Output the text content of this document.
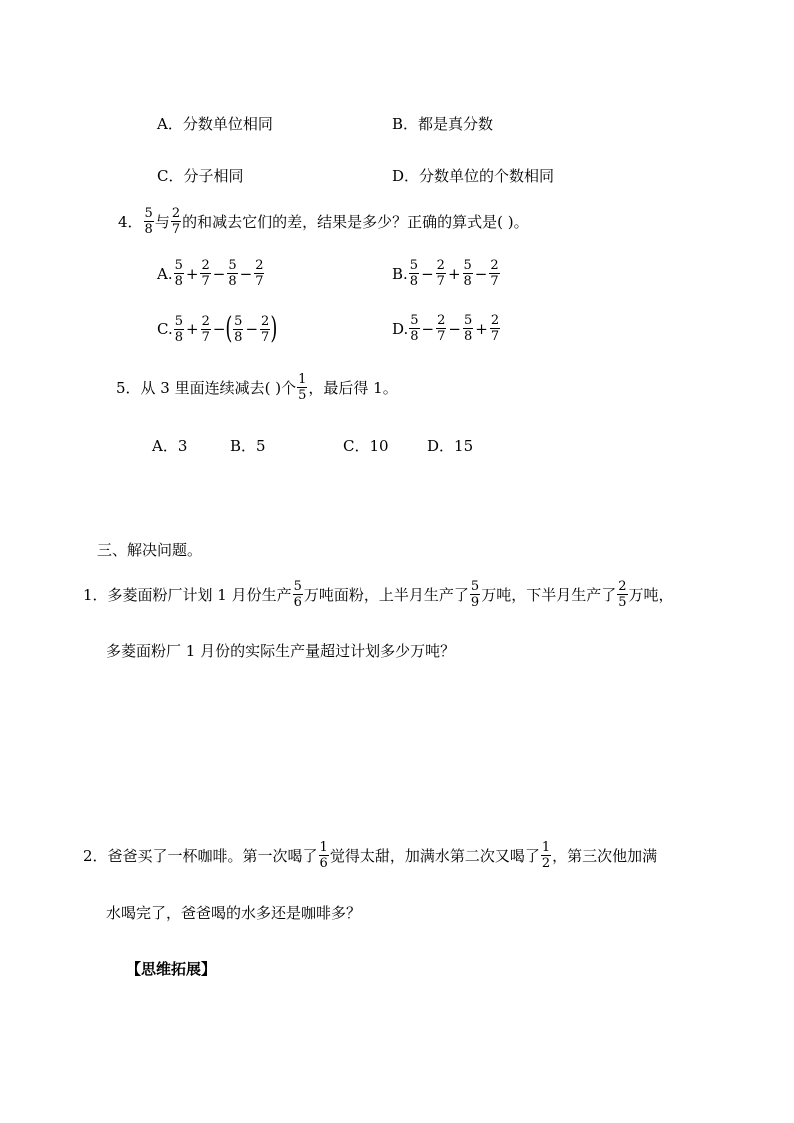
A．分数单位相同	B．都是真分数
C．分子相同	D．分数单位的个数相同
4． $\frac{5}{8}$ 与 $\frac{2}{7}$ 的和减去它们的差，结果是多少？正确的算式是( )。
A. $\frac{5}{8} + \frac{2}{7} - \frac{5}{8} - \frac{2}{7}$	B. $\frac{5}{8} - \frac{2}{7} + \frac{5}{8} - \frac{2}{7}$
C. $\frac{5}{8} + \frac{2}{7}$ − ( $\frac{5}{8} - \frac{2}{7}$ )	D. $\frac{5}{8} - \frac{2}{7} - \frac{5}{8} + \frac{2}{7}$
5．从 3 里面连续减去( )个 $\frac{1}{5}$ ，最后得 1。
A．3	B．5	C．10	D．15
三、解决问题。
1．多菱面粉厂计划 1 月份生产 $\frac{5}{6}$ 万吨面粉，上半月生产了 $\frac{5}{9}$ 万吨，下半月生产了 $\frac{2}{5}$ 万吨，
多菱面粉厂 1 月份的实际生产量超过计划多少万吨？
2．爸爸买了一杯咖啡。第一次喝了 $\frac{1}{6}$ 觉得太甜，加满水第二次又喝了 $\frac{1}{2}$ ，第三次他加满
水喝完了，爸爸喝的水多还是咖啡多？
【思维拓展】
